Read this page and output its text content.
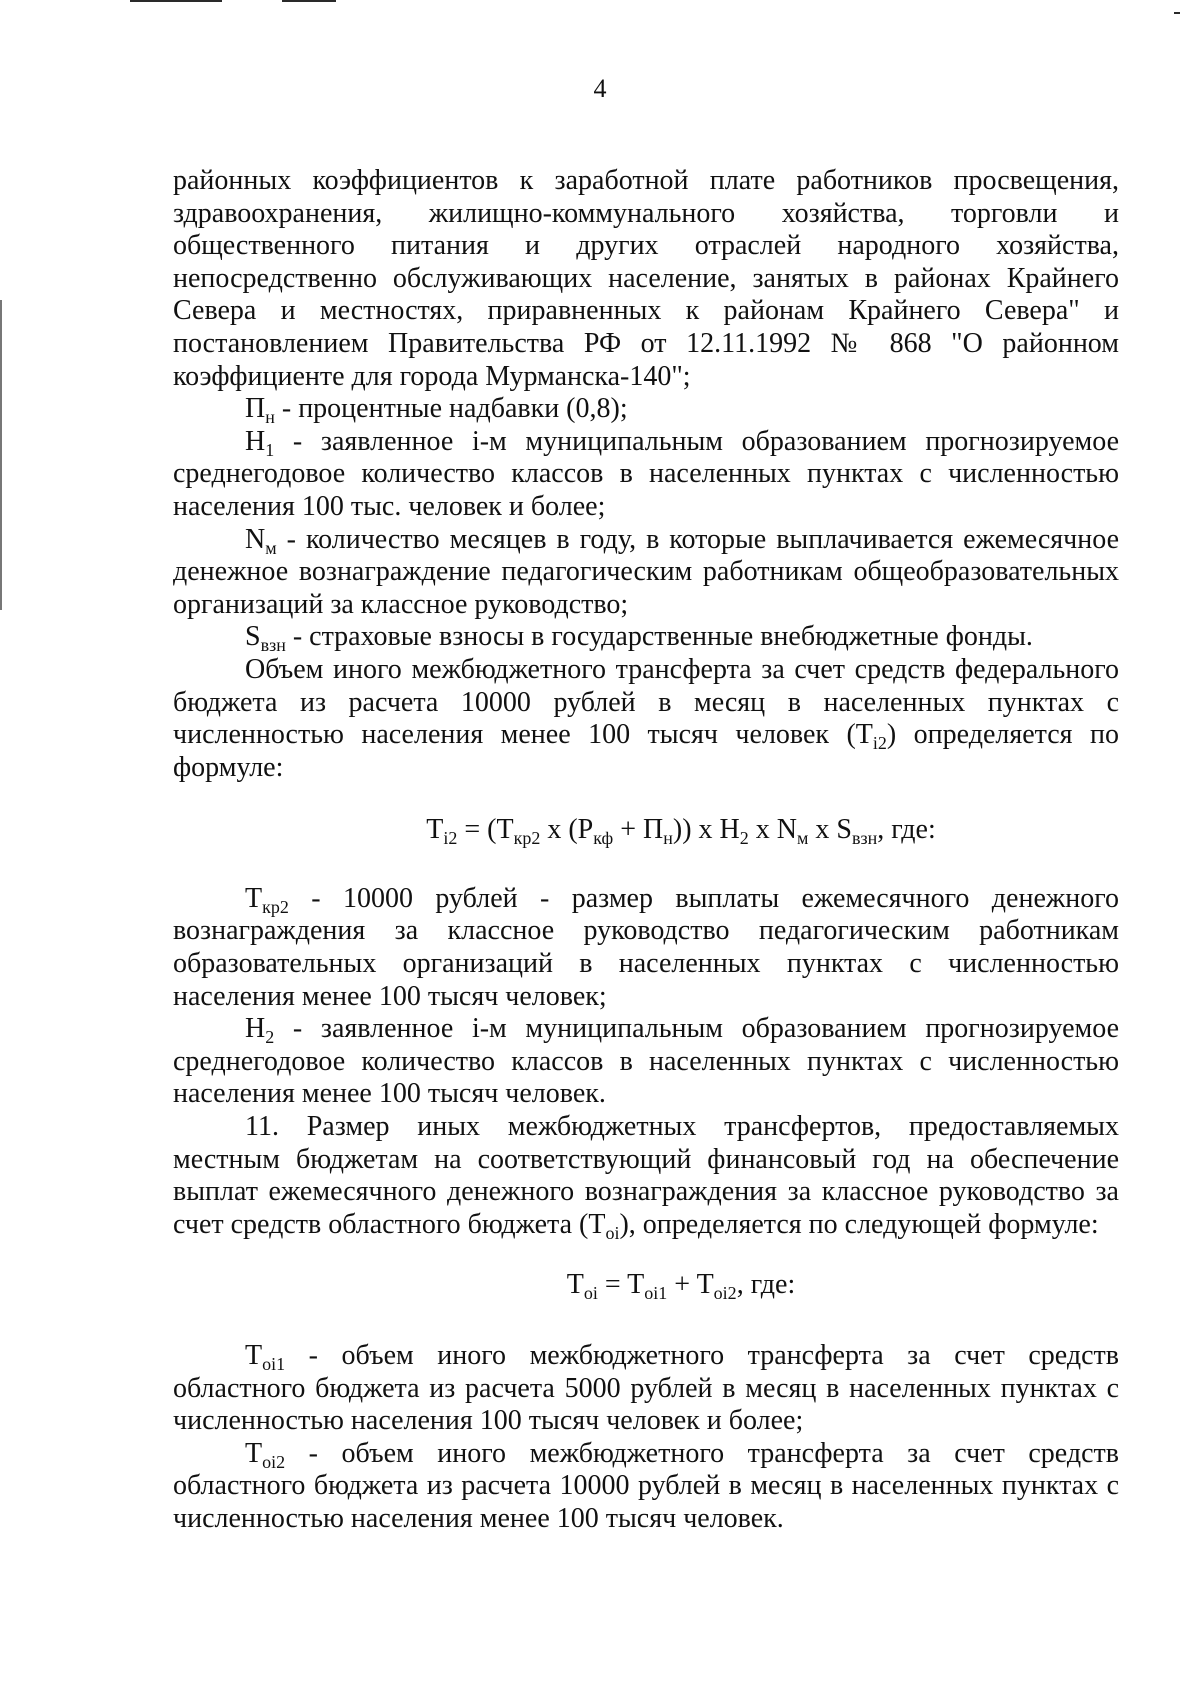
4

районных коэффициентов к заработной плате работников просвещения, здравоохранения, жилищно-коммунального хозяйства, торговли и общественного питания и других отраслей народного хозяйства, непосредственно обслуживающих население, занятых в районах Крайнего Севера и местностях, приравненных к районам Крайнего Севера" и постановлением Правительства РФ от 12.11.1992 № 868 "О районном коэффициенте для города Мурманска-140";

$П_н$ - процентные надбавки (0,8);

$Н_1$ - заявленное i-м муниципальным образованием прогнозируемое среднегодовое количество классов в населенных пунктах с численностью населения 100 тыс. человек и более;

$N_м$ - количество месяцев в году, в которые выплачивается ежемесячное денежное вознаграждение педагогическим работникам общеобразовательных организаций за классное руководство;

$S_{взн}$ - страховые взносы в государственные внебюджетные фонды.

Объем иного межбюджетного трансферта за счет средств федерального бюджета из расчета 10000 рублей в месяц в населенных пунктах с численностью населения менее 100 тысяч человек $(T_{i2})$ определяется по формуле:

$T_{i2} = (T_{кр2}$ х $(Р_{кф} + П_н)$) х $Н_2$ х $N_м$ х $S_{взн}$, где:

$T_{кр2} - 10000$ рублей - размер выплаты ежемесячного денежного вознаграждения за классное руководство педагогическим работникам образовательных организаций в населенных пунктах с численностью населения менее 100 тысяч человек;

$Н_2$ - заявленное i-м муниципальным образованием прогнозируемое среднегодовое количество классов в населенных пунктах с численностью населения менее 100 тысяч человек.

11. Размер иных межбюджетных трансфертов, предоставляемых местным бюджетам на соответствующий финансовый год на обеспечение выплат ежемесячного денежного вознаграждения за классное руководство за счет средств областного бюджета $(T_{oi})$, определяется по следующей формуле:

$T_{oi} = T_{oi1} + T_{oi2}$, где:

$T_{oi1}$ - объем иного межбюджетного трансферта за счет средств областного бюджета из расчета 5000 рублей в месяц в населенных пунктах с численностью населения 100 тысяч человек и более;

$T_{oi2}$ - объем иного межбюджетного трансферта за счет средств областного бюджета из расчета 10000 рублей в месяц в населенных пунктах с численностью населения менее 100 тысяч человек.
